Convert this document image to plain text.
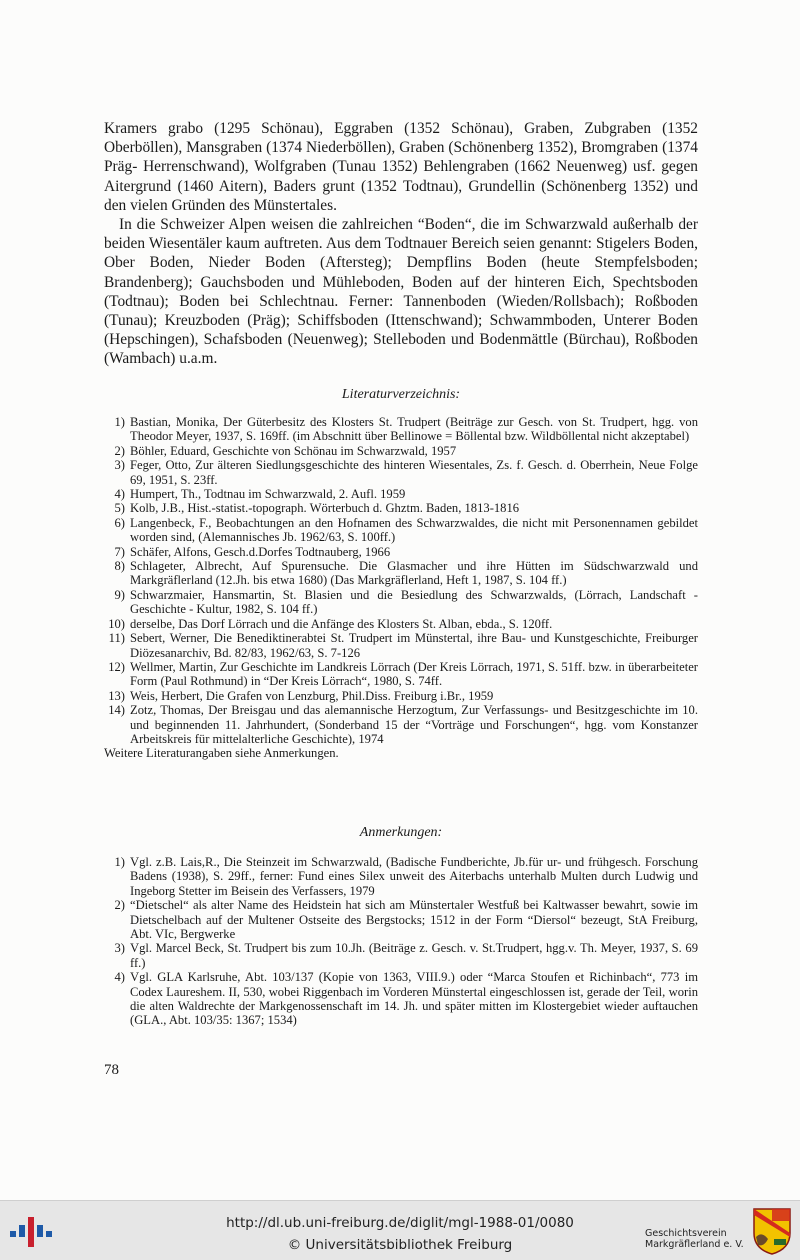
Kramers grabo (1295 Schönau), Eggraben (1352 Schönau), Graben, Zubgraben (1352 Oberböllen), Mansgraben (1374 Niederböllen), Graben (Schönenberg 1352), Bromgraben (1374 Präg- Herrenschwand), Wolfgraben (Tunau 1352) Behlengraben (1662 Neuenweg) usf. gegen Aitergrund (1460 Aitern), Baders grunt (1352 Todtnau), Grundellin (Schönenberg 1352) und den vielen Gründen des Münstertales.

In die Schweizer Alpen weisen die zahlreichen “Boden“, die im Schwarzwald außerhalb der beiden Wiesentäler kaum auftreten. Aus dem Todtnauer Bereich seien genannt: Stigelers Boden, Ober Boden, Nieder Boden (Aftersteg); Dempflins Boden (heute Stempfelsboden; Brandenberg); Gauchsboden und Mühleboden, Boden auf der hinteren Eich, Spechtsboden (Todtnau); Boden bei Schlechtnau. Ferner: Tannenboden (Wieden/Rollsbach); Roßboden (Tunau); Kreuzboden (Präg); Schiffsboden (Ittenschwand); Schwammboden, Unterer Boden (Hepschingen), Schafsboden (Neuenweg); Stelleboden und Bodenmättle (Bürchau), Roßboden (Wambach) u.a.m.

Literaturverzeichnis:
1) Bastian, Monika, Der Güterbesitz des Klosters St. Trudpert (Beiträge zur Gesch. von St. Trudpert, hgg. von Theodor Meyer, 1937, S. 169ff. (im Abschnitt über Bellinowe = Böllental bzw. Wildböllental nicht akzeptabel)
2) Böhler, Eduard, Geschichte von Schönau im Schwarzwald, 1957
3) Feger, Otto, Zur älteren Siedlungsgeschichte des hinteren Wiesentales, Zs. f. Gesch. d. Oberrhein, Neue Folge 69, 1951, S. 23ff.
4) Humpert, Th., Todtnau im Schwarzwald, 2. Aufl. 1959
5) Kolb, J.B., Hist.-statist.-topograph. Wörterbuch d. Ghztm. Baden, 1813-1816
6) Langenbeck, F., Beobachtungen an den Hofnamen des Schwarzwaldes, die nicht mit Personennamen gebildet worden sind, (Alemannisches Jb. 1962/63, S. 100ff.)
7) Schäfer, Alfons, Gesch.d.Dorfes Todtnauberg, 1966
8) Schlageter, Albrecht, Auf Spurensuche. Die Glasmacher und ihre Hütten im Südschwarzwald und Markgräflerland (12.Jh. bis etwa 1680) (Das Markgräflerland, Heft 1, 1987, S. 104 ff.)
9) Schwarzmaier, Hansmartin, St. Blasien und die Besiedlung des Schwarzwalds, (Lörrach, Landschaft - Geschichte - Kultur, 1982, S. 104 ff.)
10) derselbe, Das Dorf Lörrach und die Anfänge des Klosters St. Alban, ebda., S. 120ff.
11) Sebert, Werner, Die Benediktinerabtei St. Trudpert im Münstertal, ihre Bau- und Kunstgeschichte, Freiburger Diözesanarchiv, Bd. 82/83, 1962/63, S. 7-126
12) Wellmer, Martin, Zur Geschichte im Landkreis Lörrach (Der Kreis Lörrach, 1971, S. 51ff. bzw. in überarbeiteter Form (Paul Rothmund) in “Der Kreis Lörrach“, 1980, S. 74ff.
13) Weis, Herbert, Die Grafen von Lenzburg, Phil.Diss. Freiburg i.Br., 1959
14) Zotz, Thomas, Der Breisgau und das alemannische Herzogtum, Zur Verfassungs- und Besitzgeschichte im 10. und beginnenden 11. Jahrhundert, (Sonderband 15 der “Vorträge und Forschungen“, hgg. vom Konstanzer Arbeitskreis für mittelalterliche Geschichte), 1974
Weitere Literaturangaben siehe Anmerkungen.
Anmerkungen:
1) Vgl. z.B. Lais,R., Die Steinzeit im Schwarzwald, (Badische Fundberichte, Jb.für ur- und frühgesch. Forschung Badens (1938), S. 29ff., ferner: Fund eines Silex unweit des Aiterbachs unterhalb Multen durch Ludwig und Ingeborg Stetter im Beisein des Verfassers, 1979
2) “Dietschel“ als alter Name des Heidstein hat sich am Münstertaler Westfuß bei Kaltwasser bewahrt, sowie im Dietschelbach auf der Multener Ostseite des Bergstocks; 1512 in der Form “Diersol“ bezeugt, StA Freiburg, Abt. VIc, Bergwerke
3) Vgl. Marcel Beck, St. Trudpert bis zum 10.Jh. (Beiträge z. Gesch. v. St.Trudpert, hgg.v. Th. Meyer, 1937, S. 69 ff.)
4) Vgl. GLA Karlsruhe, Abt. 103/137 (Kopie von 1363, VIII.9.) oder “Marca Stoufen et Richinbach“, 773 im Codex Laureshem. II, 530, wobei Riggenbach im Vorderen Münstertal eingeschlossen ist, gerade der Teil, worin die alten Waldrechte der Markgenossenschaft im 14. Jh. und später mitten im Klostergebiet wieder auftauchen (GLA., Abt. 103/35: 1367; 1534)
78
http://dl.ub.uni-freiburg.de/diglit/mgl-1988-01/0080
© Universitätsbibliothek Freiburg
Geschichtsverein
Markgräflerland e. V.
